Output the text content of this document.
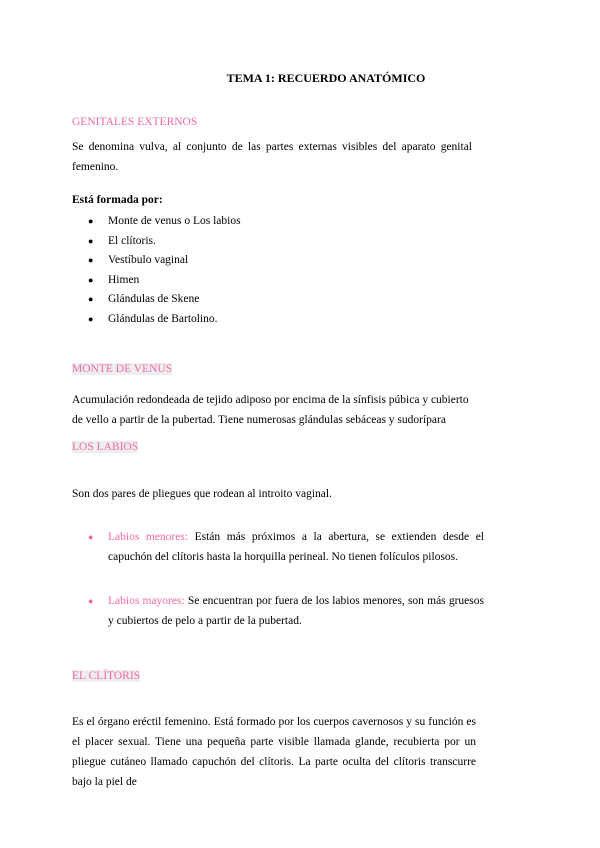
TEMA 1: RECUERDO ANATÓMICO
GENITALES EXTERNOS
Se denomina vulva, al conjunto de las partes externas visibles del aparato genital femenino.
Está formada por:
● Monte de venus o Los labios
● El clítoris.
● Vestíbulo vaginal
● Himen
● Glándulas de Skene
● Glándulas de Bartolino.
MONTE DE VENUS
Acumulación redondeada de tejido adiposo por encima de la sínfisis púbica y cubierto de vello a partir de la pubertad. Tiene numerosas glándulas sebáceas y sudorípara
LOS LABIOS
Son dos pares de pliegues que rodean al introito vaginal.
● Labios menores: Están más próximos a la abertura, se extienden desde el capuchón del clítoris hasta la horquilla perineal. No tienen folículos pilosos.
● Labios mayores: Se encuentran por fuera de los labios menores, son más gruesos y cubiertos de pelo a partir de la pubertad.
EL CLÍTORIS
Es el órgano eréctil femenino. Está formado por los cuerpos cavernosos y su función es el placer sexual. Tiene una pequeña parte visible llamada glande, recubierta por un pliegue cutáneo llamado capuchón del clítoris. La parte oculta del clítoris transcurre bajo la piel de
